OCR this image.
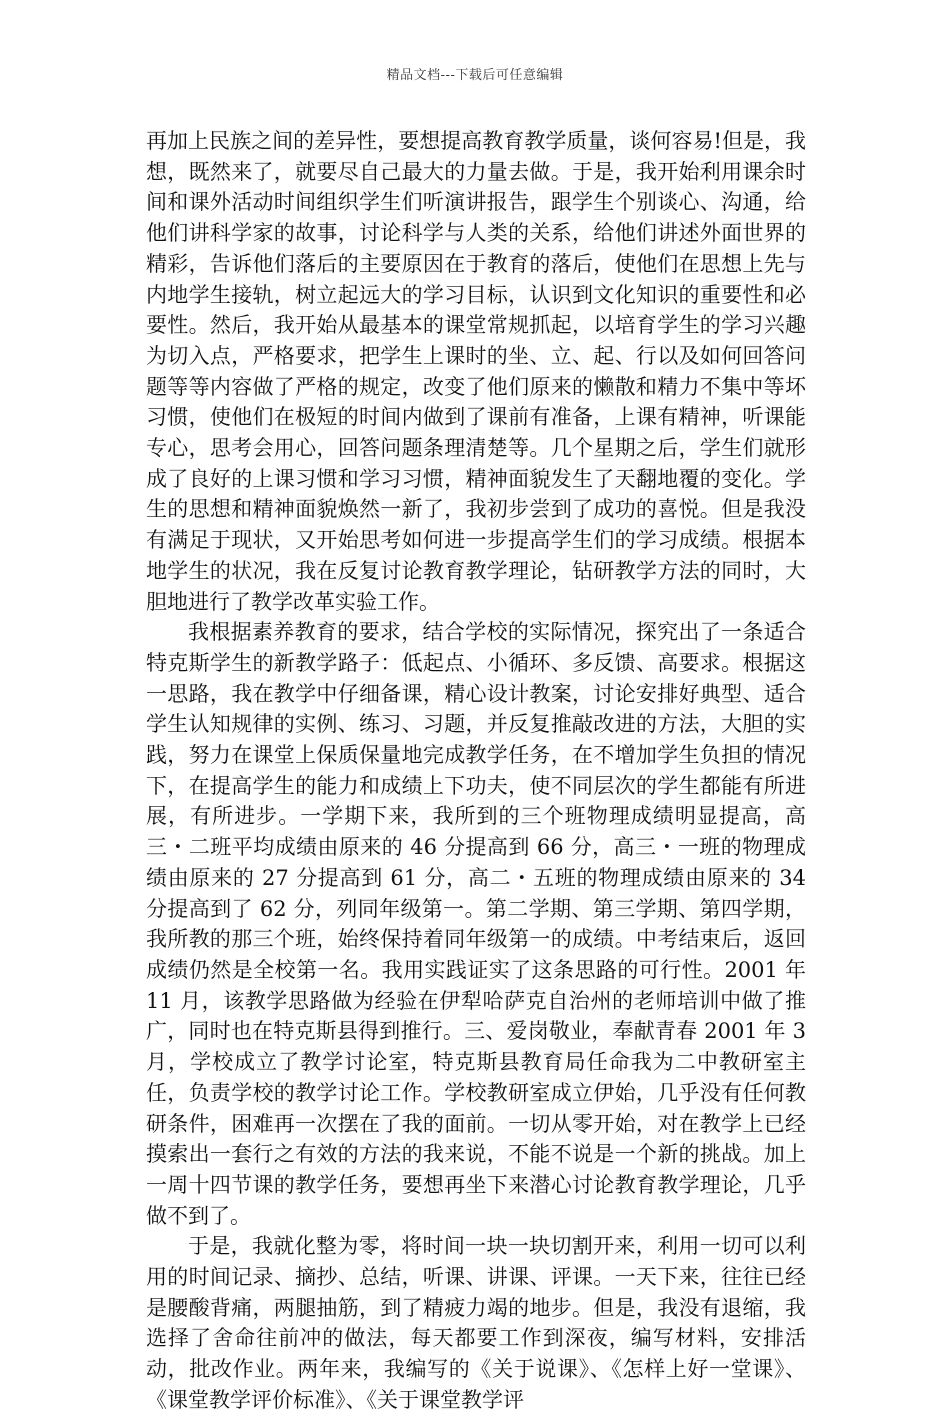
精品文档---下载后可任意编辑

再加上民族之间的差异性，要想提高教育教学质量，谈何容易!但是，我想，既然来了，就要尽自己最大的力量去做。于是，我开始利用课余时间和课外活动时间组织学生们听演讲报告，跟学生个别谈心、沟通，给他们讲科学家的故事，讨论科学与人类的关系，给他们讲述外面世界的精彩，告诉他们落后的主要原因在于教育的落后，使他们在思想上先与内地学生接轨，树立起远大的学习目标，认识到文化知识的重要性和必要性。然后，我开始从最基本的课堂常规抓起，以培育学生的学习兴趣为切入点，严格要求，把学生上课时的坐、立、起、行以及如何回答问题等等内容做了严格的规定，改变了他们原来的懒散和精力不集中等坏习惯，使他们在极短的时间内做到了课前有准备，上课有精神，听课能专心，思考会用心，回答问题条理清楚等。几个星期之后，学生们就形成了良好的上课习惯和学习习惯，精神面貌发生了天翻地覆的变化。学生的思想和精神面貌焕然一新了，我初步尝到了成功的喜悦。但是我没有满足于现状，又开始思考如何进一步提高学生们的学习成绩。根据本地学生的状况，我在反复讨论教育教学理论，钻研教学方法的同时，大胆地进行了教学改革实验工作。

我根据素养教育的要求，结合学校的实际情况，探究出了一条适合特克斯学生的新教学路子：低起点、小循环、多反馈、高要求。根据这一思路，我在教学中仔细备课，精心设计教案，讨论安排好典型、适合学生认知规律的实例、练习、习题，并反复推敲改进的方法，大胆的实践，努力在课堂上保质保量地完成教学任务，在不增加学生负担的情况下，在提高学生的能力和成绩上下功夫，使不同层次的学生都能有所进展，有所进步。一学期下来，我所到的三个班物理成绩明显提高，高三・二班平均成绩由原来的 46 分提高到 66 分，高三・一班的物理成绩由原来的 27 分提高到 61 分，高二・五班的物理成绩由原来的 34 分提高到了 62 分，列同年级第一。第二学期、第三学期、第四学期，我所教的那三个班，始终保持着同年级第一的成绩。中考结束后，返回成绩仍然是全校第一名。我用实践证实了这条思路的可行性。2001 年 11 月，该教学思路做为经验在伊犁哈萨克自治州的老师培训中做了推广，同时也在特克斯县得到推行。三、爱岗敬业，奉献青春 2001 年 3 月，学校成立了教学讨论室，特克斯县教育局任命我为二中教研室主任，负责学校的教学讨论工作。学校教研室成立伊始，几乎没有任何教研条件，困难再一次摆在了我的面前。一切从零开始，对在教学上已经摸索出一套行之有效的方法的我来说，不能不说是一个新的挑战。加上一周十四节课的教学任务，要想再坐下来潜心讨论教育教学理论，几乎做不到了。

于是，我就化整为零，将时间一块一块切割开来，利用一切可以利用的时间记录、摘抄、总结，听课、讲课、评课。一天下来，往往已经是腰酸背痛，两腿抽筋，到了精疲力竭的地步。但是，我没有退缩，我选择了舍命往前冲的做法，每天都要工作到深夜，编写材料，安排活动，批改作业。两年来，我编写的《关于说课》、《怎样上好一堂课》、《课堂教学评价标准》、《关于课堂教学评
